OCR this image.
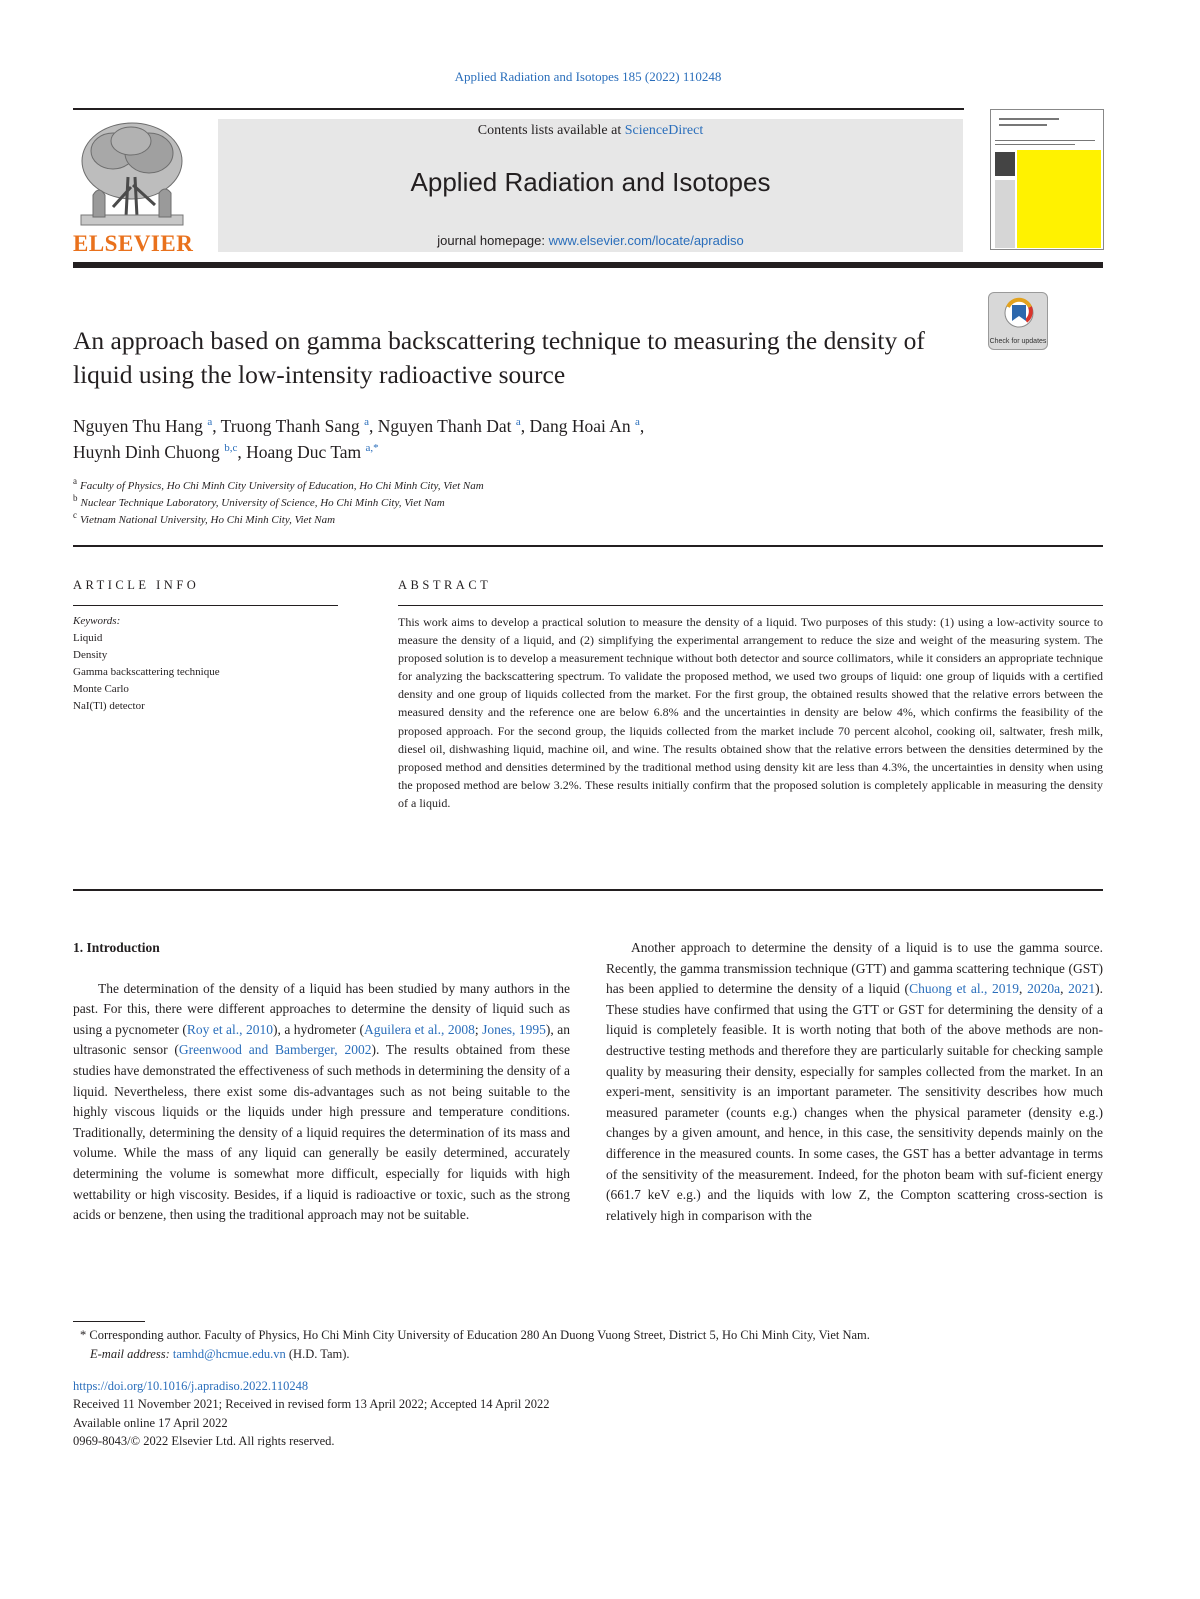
Applied Radiation and Isotopes 185 (2022) 110248
ELSEVIER
Contents lists available at ScienceDirect
Applied Radiation and Isotopes
journal homepage: www.elsevier.com/locate/apradiso
Check for updates
An approach based on gamma backscattering technique to measuring the density of liquid using the low-intensity radioactive source
Nguyen Thu Hang $^a$, Truong Thanh Sang $^a$, Nguyen Thanh Dat $^a$, Dang Hoai An $^a$,
Huynh Dinh Chuong $^{b,c}$, Hoang Duc Tam $^{a,*}$
$^a$ Faculty of Physics, Ho Chi Minh City University of Education, Ho Chi Minh City, Viet Nam
$^b$ Nuclear Technique Laboratory, University of Science, Ho Chi Minh City, Viet Nam
$^c$ Vietnam National University, Ho Chi Minh City, Viet Nam
ARTICLE INFO	ABSTRACT
Keywords:
Liquid
Density
Gamma backscattering technique
Monte Carlo
NaI(Tl) detector
This work aims to develop a practical solution to measure the density of a liquid. Two purposes of this study: (1) using a low-activity source to measure the density of a liquid, and (2) simplifying the experimental arrangement to reduce the size and weight of the measuring system. The proposed solution is to develop a measurement technique without both detector and source collimators, while it considers an appropriate technique for analyzing the backscattering spectrum. To validate the proposed method, we used two groups of liquid: one group of liquids with a certified density and one group of liquids collected from the market. For the first group, the obtained results showed that the relative errors between the measured density and the reference one are below 6.8% and the uncertainties in density are below 4%, which confirms the feasibility of the proposed approach. For the second group, the liquids collected from the market include 70 percent alcohol, cooking oil, saltwater, fresh milk, diesel oil, dishwashing liquid, machine oil, and wine. The results obtained show that the relative errors between the densities determined by the proposed method and densities determined by the traditional method using density kit are less than 4.3%, the uncertainties in density when using the proposed method are below 3.2%. These results initially confirm that the proposed solution is completely applicable in measuring the density of a liquid.
1. Introduction

The determination of the density of a liquid has been studied by many authors in the past. For this, there were different approaches to determine the density of liquid such as using a pycnometer (Roy et al., 2010), a hydrometer (Aguilera et al., 2008; Jones, 1995), an ultrasonic sensor (Greenwood and Bamberger, 2002). The results obtained from these studies have demonstrated the effectiveness of such methods in determining the density of a liquid. Nevertheless, there exist some dis-advantages such as not being suitable to the highly viscous liquids or the liquids under high pressure and temperature conditions. Traditionally, determining the density of a liquid requires the determination of its mass and volume. While the mass of any liquid can generally be easily determined, accurately determining the volume is somewhat more difficult, especially for liquids with high wettability or high viscosity. Besides, if a liquid is radioactive or toxic, such as the strong acids or benzene, then using the traditional approach may not be suitable.

Another approach to determine the density of a liquid is to use the gamma source. Recently, the gamma transmission technique (GTT) and gamma scattering technique (GST) has been applied to determine the density of a liquid (Chuong et al., 2019, 2020a, 2021). These studies have confirmed that using the GTT or GST for determining the density of a liquid is completely feasible. It is worth noting that both of the above methods are non-destructive testing methods and therefore they are particularly suitable for checking sample quality by measuring their density, especially for samples collected from the market. In an experi-ment, sensitivity is an important parameter. The sensitivity describes how much measured parameter (counts e.g.) changes when the physical parameter (density e.g.) changes by a given amount, and hence, in this case, the sensitivity depends mainly on the difference in the measured counts. In some cases, the GST has a better advantage in terms of the sensitivity of the measurement. Indeed, for the photon beam with suf-ficient energy (661.7 keV e.g.) and the liquids with low Z, the Compton scattering cross-section is relatively high in comparison with the

* Corresponding author. Faculty of Physics, Ho Chi Minh City University of Education 280 An Duong Vuong Street, District 5, Ho Chi Minh City, Viet Nam.
E-mail address: tamhd@hcmue.edu.vn (H.D. Tam).
https://doi.org/10.1016/j.apradiso.2022.110248
Received 11 November 2021; Received in revised form 13 April 2022; Accepted 14 April 2022
Available online 17 April 2022
0969-8043/© 2022 Elsevier Ltd. All rights reserved.
